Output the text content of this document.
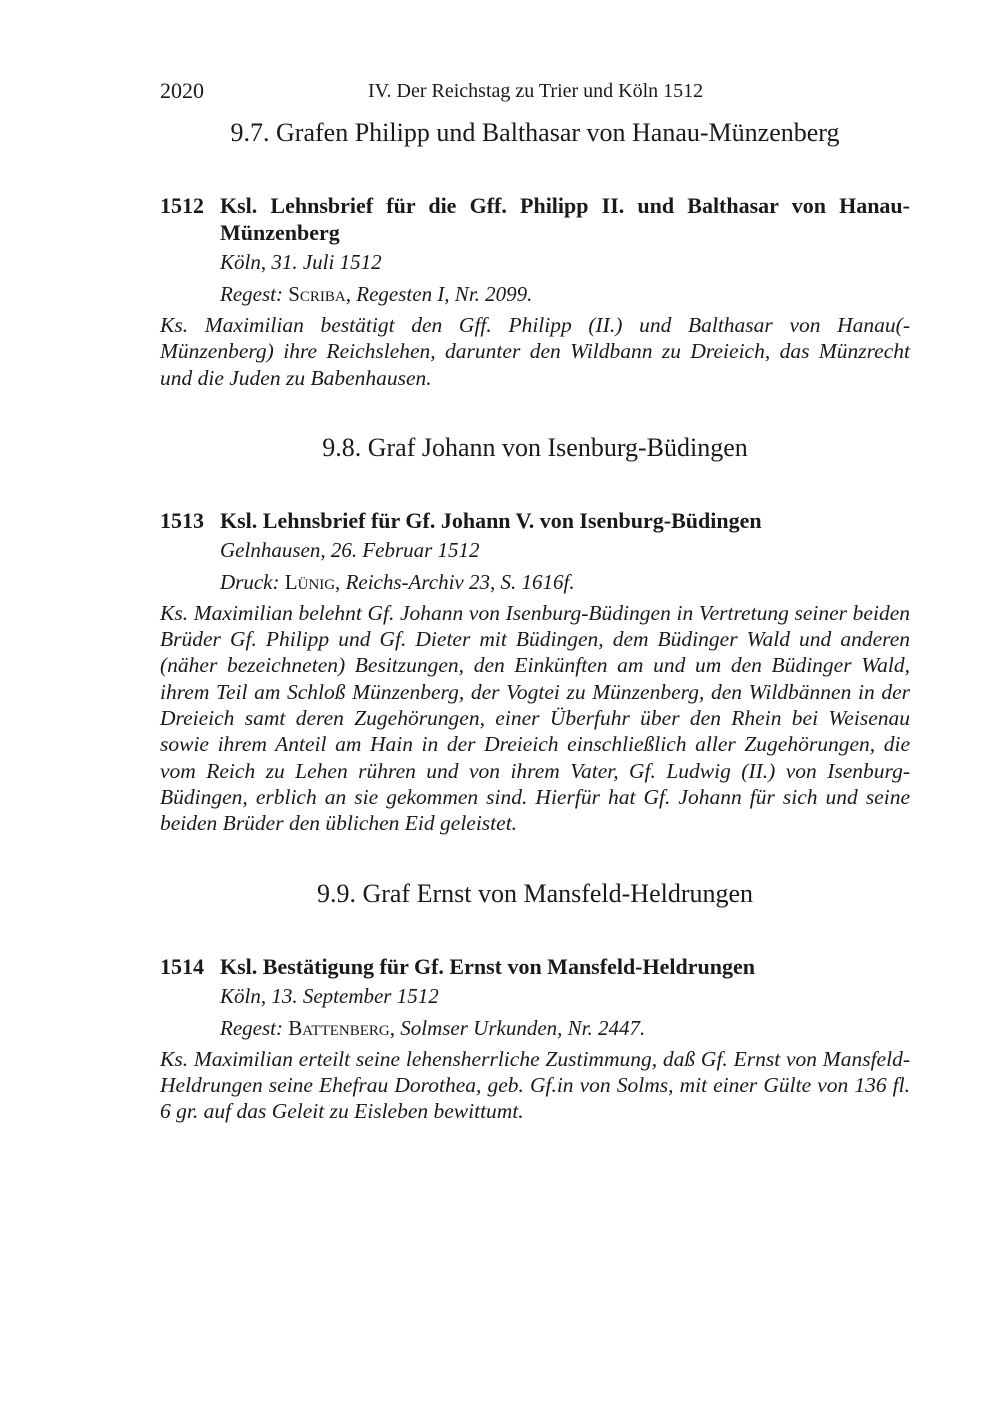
2020	IV. Der Reichstag zu Trier und Köln 1512
9.7. Grafen Philipp und Balthasar von Hanau-Münzenberg
1512 Ksl. Lehnsbrief für die Gff. Philipp II. und Balthasar von Hanau-Münzenberg
Köln, 31. Juli 1512
Regest: Scriba, Regesten I, Nr. 2099.
Ks. Maximilian bestätigt den Gff. Philipp (II.) und Balthasar von Hanau(-Münzenberg) ihre Reichslehen, darunter den Wildbann zu Dreieich, das Münzrecht und die Juden zu Babenhausen.
9.8. Graf Johann von Isenburg-Büdingen
1513 Ksl. Lehnsbrief für Gf. Johann V. von Isenburg-Büdingen
Gelnhausen, 26. Februar 1512
Druck: Lünig, Reichs-Archiv 23, S. 1616f.
Ks. Maximilian belehnt Gf. Johann von Isenburg-Büdingen in Vertretung seiner beiden Brüder Gf. Philipp und Gf. Dieter mit Büdingen, dem Büdinger Wald und anderen (näher bezeichneten) Besitzungen, den Einkünften am und um den Büdinger Wald, ihrem Teil am Schloß Münzenberg, der Vogtei zu Münzenberg, den Wildbännen in der Dreieich samt deren Zugehörungen, einer Überfuhr über den Rhein bei Weisenau sowie ihrem Anteil am Hain in der Dreieich einschließlich aller Zugehörungen, die vom Reich zu Lehen rühren und von ihrem Vater, Gf. Ludwig (II.) von Isenburg-Büdingen, erblich an sie gekommen sind. Hierfür hat Gf. Johann für sich und seine beiden Brüder den üblichen Eid geleistet.
9.9. Graf Ernst von Mansfeld-Heldrungen
1514 Ksl. Bestätigung für Gf. Ernst von Mansfeld-Heldrungen
Köln, 13. September 1512
Regest: Battenberg, Solmser Urkunden, Nr. 2447.
Ks. Maximilian erteilt seine lehensherrliche Zustimmung, daß Gf. Ernst von Mansfeld-Heldrungen seine Ehefrau Dorothea, geb. Gf.in von Solms, mit einer Gülte von 136 fl. 6 gr. auf das Geleit zu Eisleben bewittumt.
